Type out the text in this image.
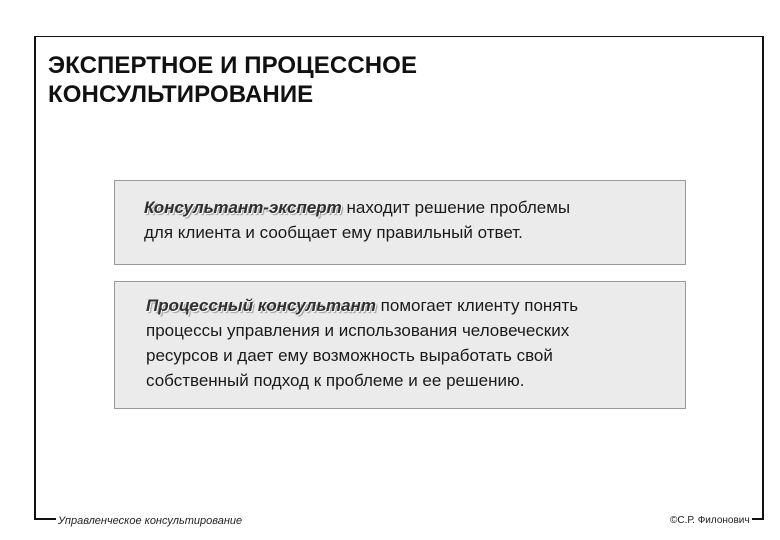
ЭКСПЕРТНОЕ И ПРОЦЕССНОЕ
КОНСУЛЬТИРОВАНИЕ
Консультант-эксперт находит решение проблемы
для клиента и сообщает ему правильный ответ.
Процессный консультант помогает клиенту понять
процессы управления и использования человеческих
ресурсов и дает ему возможность выработать свой
собственный подход к проблеме и ее решению.
Управленческое консультирование	©С.Р. Филонович
